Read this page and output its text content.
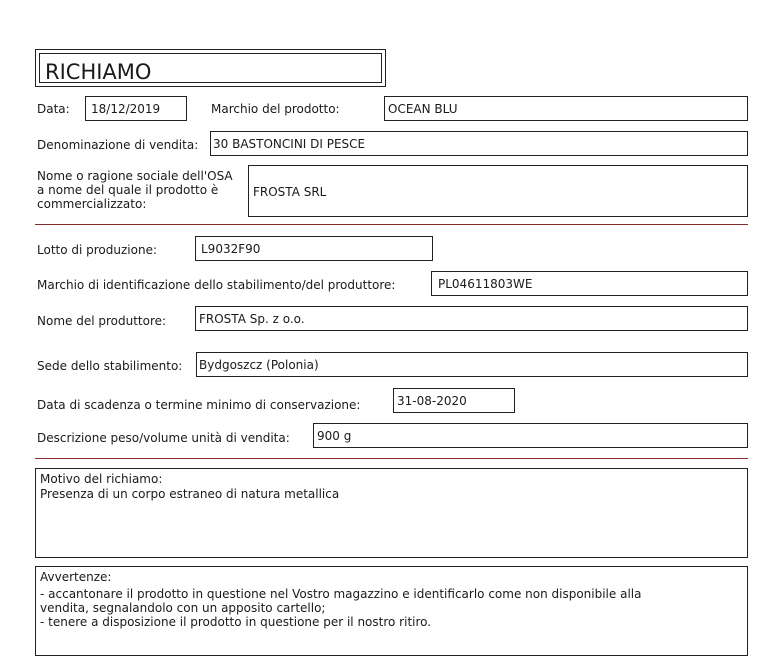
RICHIAMO
Data: 18/12/2019	Marchio del prodotto:	OCEAN BLU
Denominazione di vendita: 30 BASTONCINI DI PESCE
Nome o ragione sociale dell'OSA
a nome del quale il prodotto è
commercializzato:
FROSTA SRL
Lotto di produzione:	L9032F90
Marchio di identificazione dello stabilimento/del produttore:	PL04611803WE
Nome del produttore:	FROSTA Sp. z o.o.
Sede dello stabilimento: Bydgoszcz (Polonia)
Data di scadenza o termine minimo di conservazione:	31-08-2020
Descrizione peso/volume unità di vendita: 900 g
Motivo del richiamo:
Presenza di un corpo estraneo di natura metallica
Avvertenze:
- accantonare il prodotto in questione nel Vostro magazzino e identificarlo come non disponibile alla
vendita, segnalandolo con un apposito cartello;
- tenere a disposizione il prodotto in questione per il nostro ritiro.
